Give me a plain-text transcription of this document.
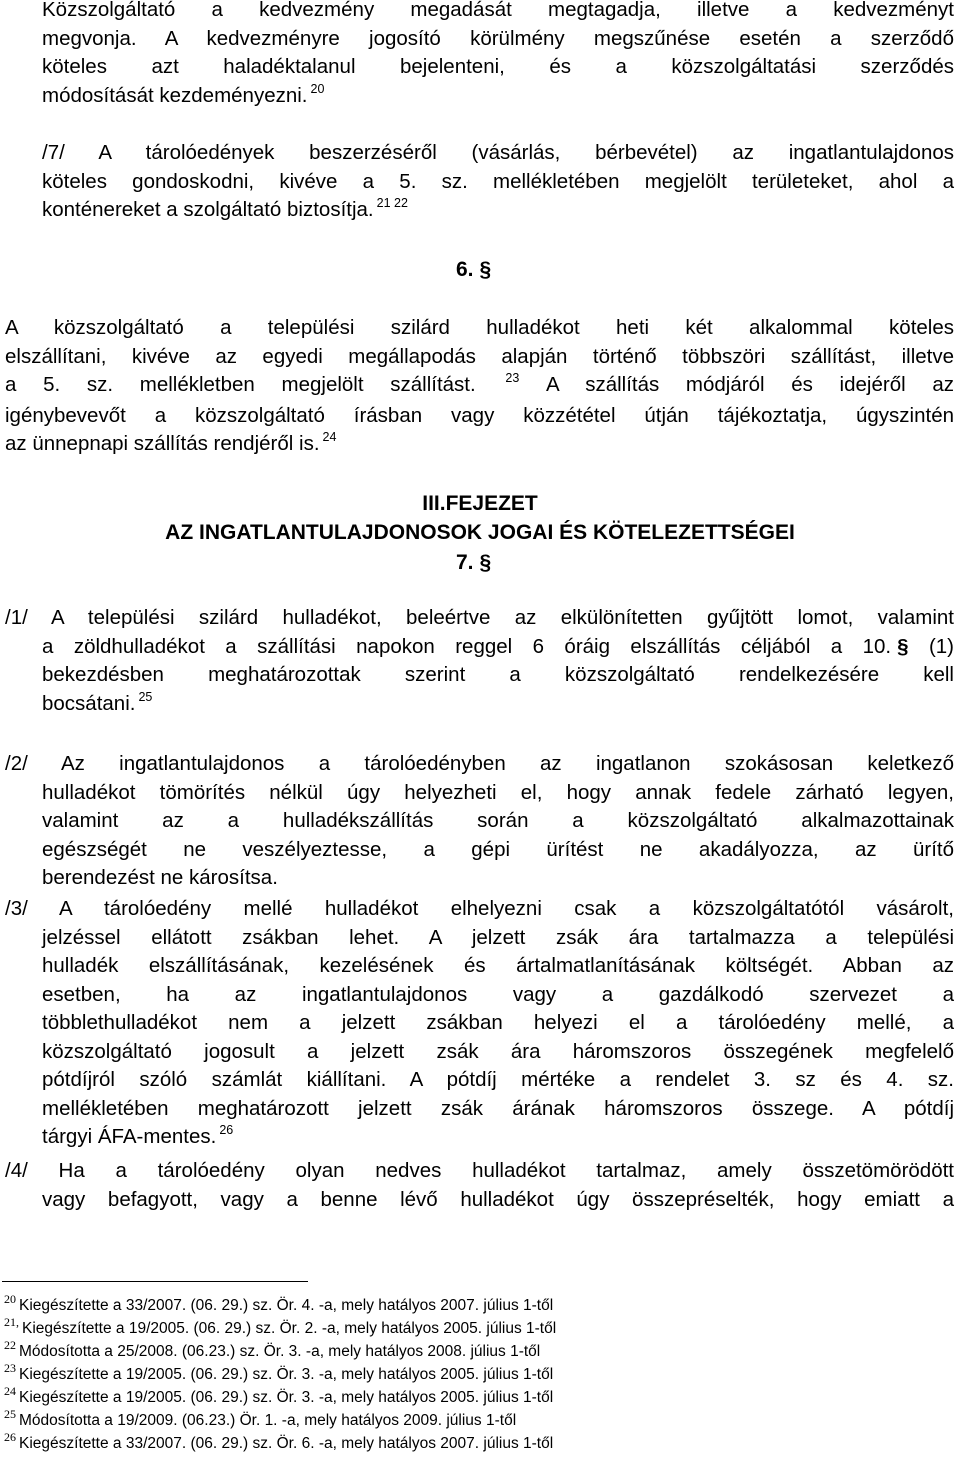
Közszolgáltató a kedvezmény megadását megtagadja, illetve a kedvezményt
megvonja. A kedvezményre jogosító körülmény megszűnése esetén a szerződő
köteles azt haladéktalanul bejelenteni, és a közszolgáltatási szerződés
módosítását kezdeményezni. $^{20}$
/7/ A tárolóedények beszerzéséről (vásárlás, bérbevétel) az ingatlantulajdonos
köteles gondoskodni, kivéve a 5. sz. mellékletében megjelölt területeket, ahol a
konténereket a szolgáltató biztosítja. $^{21 22}$
6. §
A közszolgáltató a települési szilárd hulladékot heti két alkalommal köteles
elszállítani, kivéve az egyedi megállapodás alapján történő többszöri szállítást, illetve
a 5. sz. mellékletben megjelölt szállítást. $^{23}$ A szállítás módjáról és idejéről az
igénybevevőt a közszolgáltató írásban vagy közzététel útján tájékoztatja, úgyszintén
az ünnepnapi szállítás rendjéről is. $^{24}$
III.FEJEZET
AZ INGATLANTULAJDONOSOK JOGAI ÉS KÖTELEZETTSÉGEI
7. §
/1/ A települési szilárd hulladékot, beleértve az elkülönítetten gyűjtött lomot, valamint
a zöldhulladékot a szállítási napokon reggel 6 óráig elszállítás céljából a 10. § (1)
bekezdésben meghatározottak szerint a közszolgáltató rendelkezésére kell
bocsátani. $^{25}$
/2/ Az ingatlantulajdonos a tárolóedényben az ingatlanon szokásosan keletkező
hulladékot tömörítés nélkül úgy helyezheti el, hogy annak fedele zárható legyen,
valamint az a hulladékszállítás során a közszolgáltató alkalmazottainak
egészségét ne veszélyeztesse, a gépi ürítést ne akadályozza, az ürítő
berendezést ne károsítsa.
/3/ A tárolóedény mellé hulladékot elhelyezni csak a közszolgáltatótól vásárolt,
jelzéssel ellátott zsákban lehet. A jelzett zsák ára tartalmazza a települési
hulladék elszállításának, kezelésének és ártalmatlanításának költségét. Abban az
esetben, ha az ingatlantulajdonos vagy a gazdálkodó szervezet a
többlethulladékot nem a jelzett zsákban helyezi el a tárolóedény mellé, a
közszolgáltató jogosult a jelzett zsák ára háromszoros összegének megfelelő
pótdíjról szóló számlát kiállítani. A pótdíj mértéke a rendelet 3. sz és 4. sz.
mellékletében meghatározott jelzett zsák árának háromszoros összege. A pótdíj
tárgyi ÁFA-mentes. $^{26}$
/4/ Ha a tárolóedény olyan nedves hulladékot tartalmaz, amely összetömörödött
vagy befagyott, vagy a benne lévő hulladékot úgy összepréselték, hogy emiatt a
$^{20}$ Kiegészítette a 33/2007. (06. 29.) sz. Ör. 4. -a, mely hatályos 2007. július 1-től
$^{21,}$ Kiegészítette a 19/2005. (06. 29.) sz. Ör. 2. -a, mely hatályos 2005. július 1-től
$^{22}$ Módosította a 25/2008. (06.23.) sz. Ör. 3. -a, mely hatályos 2008. július 1-től
$^{23}$ Kiegészítette a 19/2005. (06. 29.) sz. Ör. 3. -a, mely hatályos 2005. július 1-től
$^{24}$ Kiegészítette a 19/2005. (06. 29.) sz. Ör. 3. -a, mely hatályos 2005. július 1-től
$^{25}$ Módosította a 19/2009. (06.23.) Ör. 1. -a, mely hatályos 2009. július 1-től
$^{26}$ Kiegészítette a 33/2007. (06. 29.) sz. Ör. 6. -a, mely hatályos 2007. július 1-től
